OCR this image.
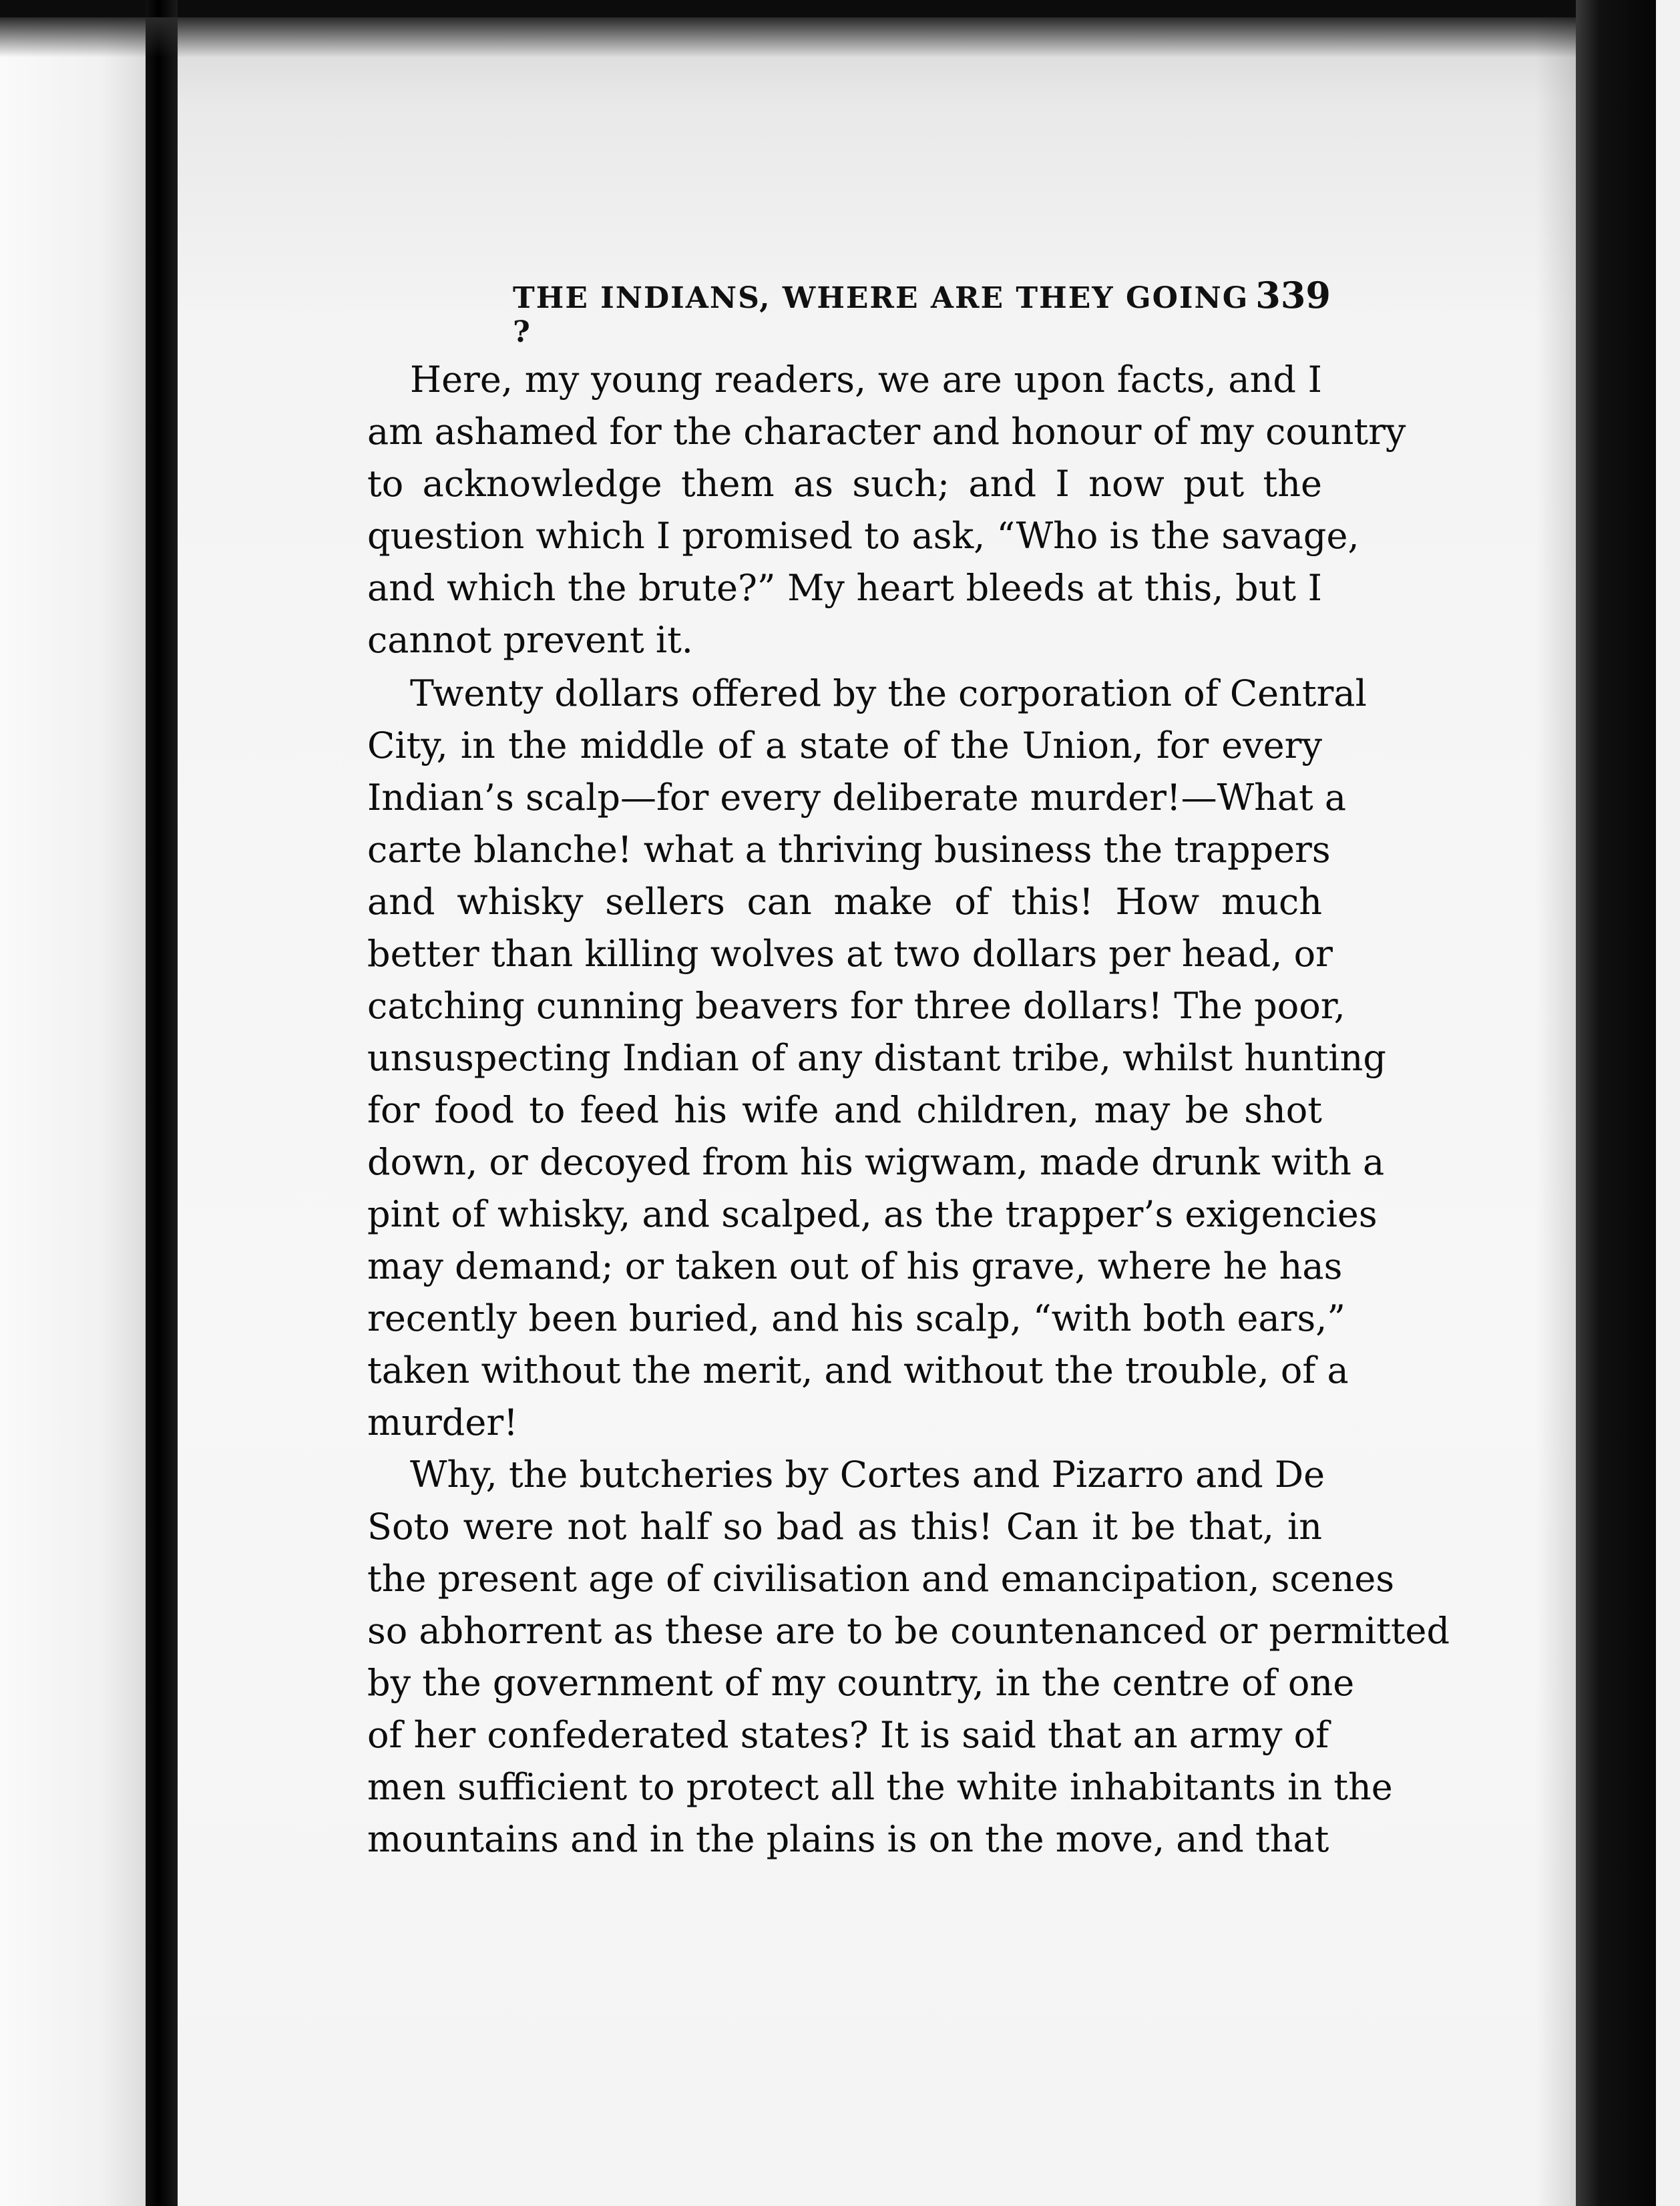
THE INDIANS, WHERE ARE THEY GOING ?
339
Here, my young readers, we are upon facts, and I
am ashamed for the character and honour of my country
to acknowledge them as such; and I now put the
question which I promised to ask, “Who is the savage,
and which the brute?” My heart bleeds at this, but I
cannot prevent it.
Twenty dollars offered by the corporation of Central
City, in the middle of a state of the Union, for every
Indian’s scalp—for every deliberate murder!—What a
carte blanche! what a thriving business the trappers
and whisky sellers can make of this! How much
better than killing wolves at two dollars per head, or
catching cunning beavers for three dollars! The poor,
unsuspecting Indian of any distant tribe, whilst hunting
for food to feed his wife and children, may be shot
down, or decoyed from his wigwam, made drunk with a
pint of whisky, and scalped, as the trapper’s exigencies
may demand; or taken out of his grave, where he has
recently been buried, and his scalp, “with both ears,”
taken without the merit, and without the trouble, of a
murder!
Why, the butcheries by Cortes and Pizarro and De
Soto were not half so bad as this! Can it be that, in
the present age of civilisation and emancipation, scenes
so abhorrent as these are to be countenanced or permitted
by the government of my country, in the centre of one
of her confederated states? It is said that an army of
men sufficient to protect all the white inhabitants in the
mountains and in the plains is on the move, and that
